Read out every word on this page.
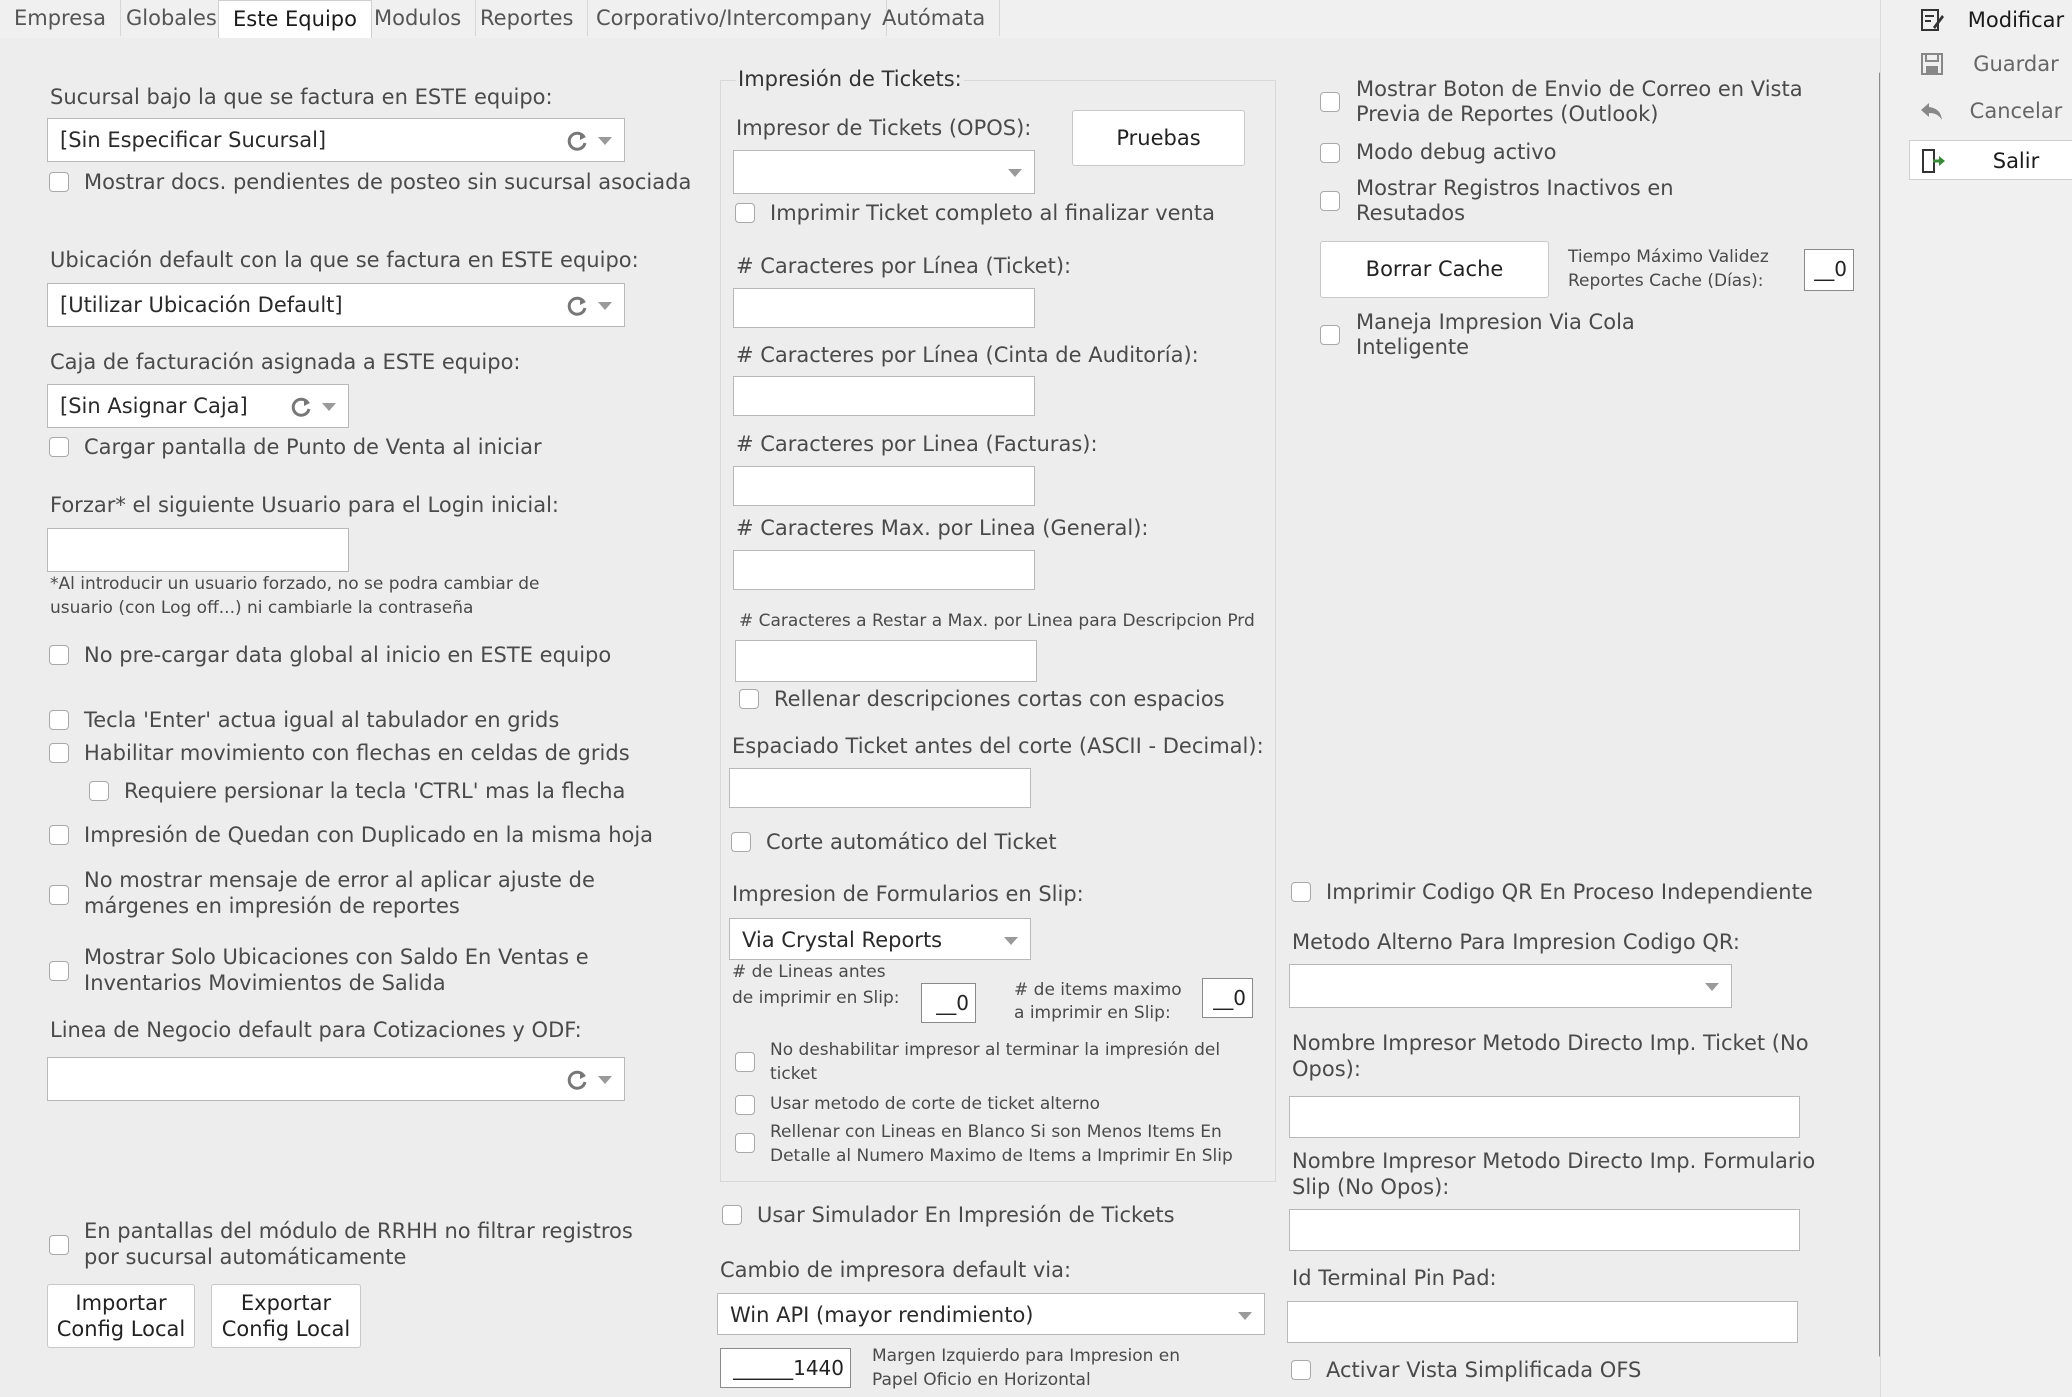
Empresa Globales Este Equipo Modulos Reportes	Corporativo/Intercompany Autómata
Sucursal bajo la que se factura en ESTE equipo:
[Sin Especificar Sucursal]
Mostrar docs. pendientes de posteo sin sucursal asociada
Ubicación default con la que se factura en ESTE equipo:
[Utilizar Ubicación Default]
Caja de facturación asignada a ESTE equipo:
[Sin Asignar Caja]
Cargar pantalla de Punto de Venta al iniciar
Forzar* el siguiente Usuario para el Login inicial:
*Al introducir un usuario forzado, no se podra cambiar de
usuario (con Log off...) ni cambiarle la contraseña
No pre-cargar data global al inicio en ESTE equipo
Tecla 'Enter' actua igual al tabulador en grids
Habilitar movimiento con flechas en celdas de grids
Requiere persionar la tecla 'CTRL' mas la flecha
Impresión de Quedan con Duplicado en la misma hoja
No mostrar mensaje de error al aplicar ajuste de
márgenes en impresión de reportes
Mostrar Solo Ubicaciones con Saldo En Ventas e
Inventarios Movimientos de Salida
Linea de Negocio default para Cotizaciones y ODF:
En pantallas del módulo de RRHH no filtrar registros
por sucursal automáticamente
Importar
Config Local
Exportar
Config Local
Impresión de Tickets:
Impresor de Tickets (OPOS):	Pruebas
Imprimir Ticket completo al finalizar venta
# Caracteres por Línea (Ticket):
# Caracteres por Línea (Cinta de Auditoría):
# Caracteres por Linea (Facturas):
# Caracteres Max. por Linea (General):
# Caracteres a Restar a Max. por Linea para Descripcion Prd
Rellenar descripciones cortas con espacios
Espaciado Ticket antes del corte (ASCII - Decimal):
Corte automático del Ticket
Impresion de Formularios en Slip:
Via Crystal Reports
# de Lineas antes
de imprimir en Slip:	__0
# de items maximo
a imprimir en Slip:
__0
No deshabilitar impresor al terminar la impresión del
ticket
Usar metodo de corte de ticket alterno
Rellenar con Lineas en Blanco Si son Menos Items En
Detalle al Numero Maximo de Items a Imprimir En Slip
Usar Simulador En Impresión de Tickets
Cambio de impresora default via:
Win API (mayor rendimiento)
______1440	Margen Izquierdo para Impresion en
Papel Oficio en Horizontal
Mostrar Boton de Envio de Correo en Vista
Previa de Reportes (Outlook)
Modo debug activo
Mostrar Registros Inactivos en
Resutados
Borrar Cache	Tiempo Máximo Validez
Reportes Cache (Días):	__0
Maneja Impresion Via Cola
Inteligente
Imprimir Codigo QR En Proceso Independiente
Metodo Alterno Para Impresion Codigo QR:
Nombre Impresor Metodo Directo Imp. Ticket (No
Opos):
Nombre Impresor Metodo Directo Imp. Formulario
Slip (No Opos):
Id Terminal Pin Pad:
Activar Vista Simplificada OFS
Modificar
Guardar
Cancelar
Salir
